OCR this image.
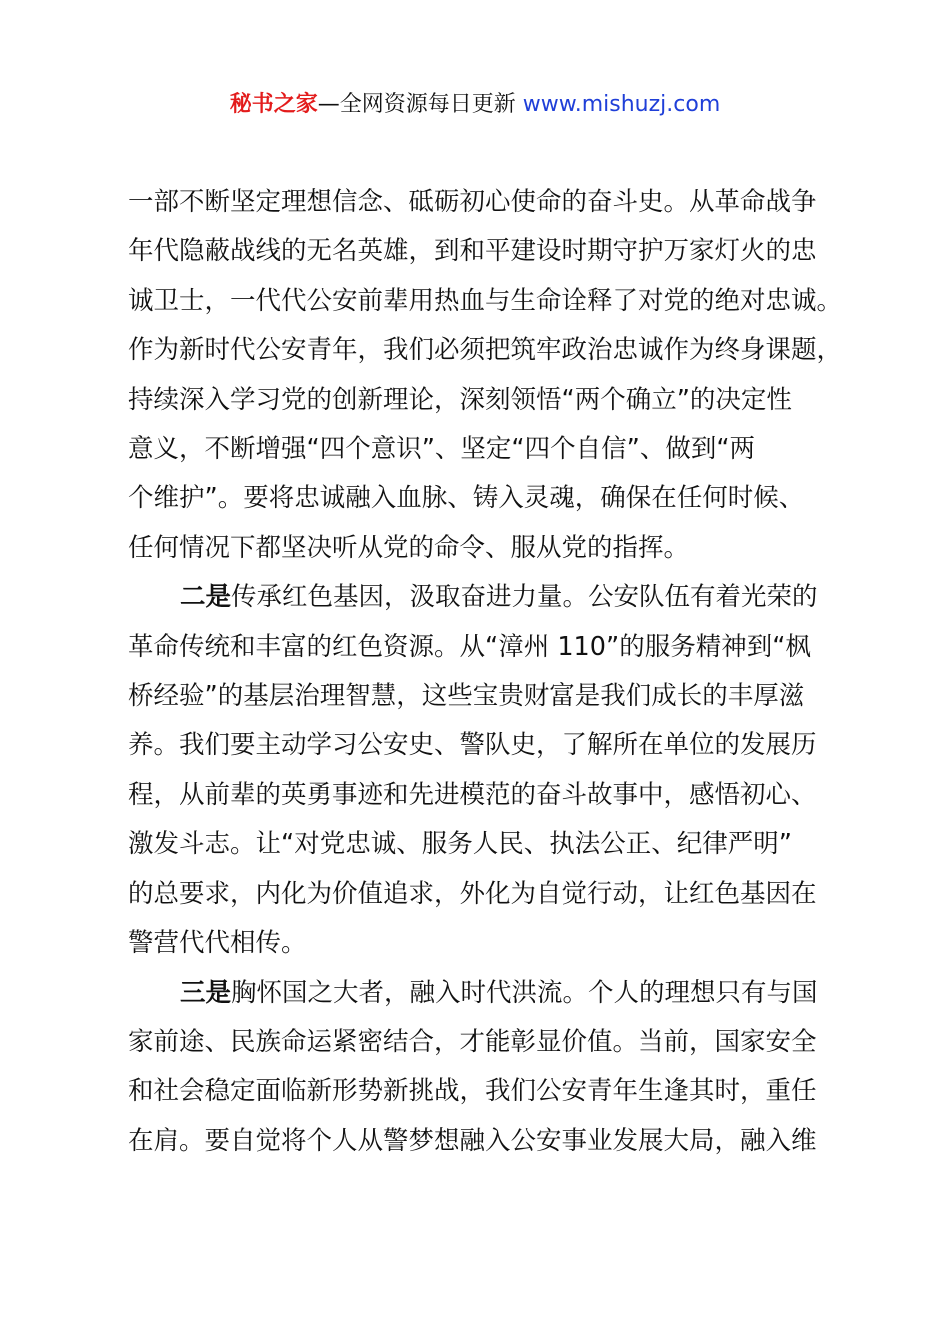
秘书之家—全网资源每日更新 www.mishuzj.com
一部不断坚定理想信念、砥砺初心使命的奋斗史。从革命战争
年代隐蔽战线的无名英雄，到和平建设时期守护万家灯火的忠
诚卫士，一代代公安前辈用热血与生命诠释了对党的绝对忠诚。
作为新时代公安青年，我们必须把筑牢政治忠诚作为终身课题，
持续深入学习党的创新理论，深刻领悟“两个确立”的决定性
意义，不断增强“四个意识”、坚定“四个自信”、做到“两
个维护”。要将忠诚融入血脉、铸入灵魂，确保在任何时候、
任何情况下都坚决听从党的命令、服从党的指挥。
二是传承红色基因，汲取奋进力量。公安队伍有着光荣的
革命传统和丰富的红色资源。从“漳州 110”的服务精神到“枫
桥经验”的基层治理智慧，这些宝贵财富是我们成长的丰厚滋
养。我们要主动学习公安史、警队史，了解所在单位的发展历
程，从前辈的英勇事迹和先进模范的奋斗故事中，感悟初心、
激发斗志。让“对党忠诚、服务人民、执法公正、纪律严明”
的总要求，内化为价值追求，外化为自觉行动，让红色基因在
警营代代相传。
三是胸怀国之大者，融入时代洪流。个人的理想只有与国
家前途、民族命运紧密结合，才能彰显价值。当前，国家安全
和社会稳定面临新形势新挑战，我们公安青年生逢其时，重任
在肩。要自觉将个人从警梦想融入公安事业发展大局，融入维
